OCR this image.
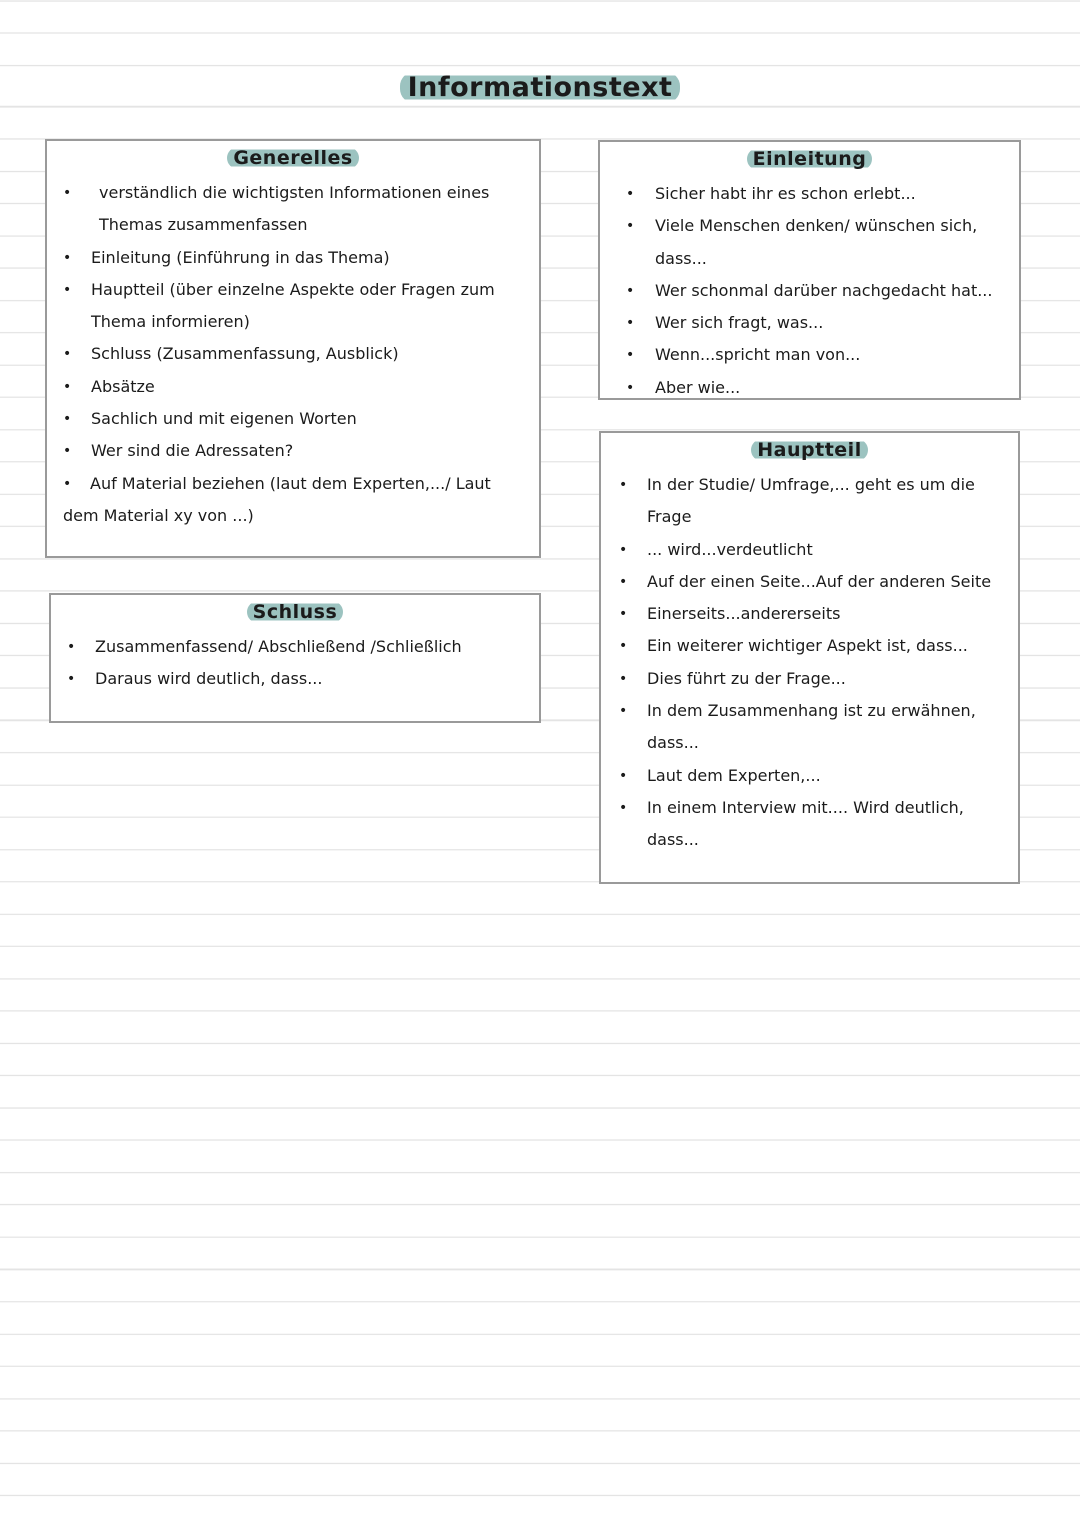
Informationstext
Generelles
• verständlich die wichtigsten Informationen eines Themas zusammenfassen
• Einleitung (Einführung in das Thema)
• Hauptteil (über einzelne Aspekte oder Fragen zum Thema informieren)
• Schluss (Zusammenfassung, Ausblick)
• Absätze
• Sachlich und mit eigenen Worten
• Wer sind die Adressaten?
• Auf Material beziehen (laut dem Experten,.../ Laut dem Material xy von ...)
Einleitung
• Sicher habt ihr es schon erlebt...
• Viele Menschen denken/ wünschen sich, dass...
• Wer schonmal darüber nachgedacht hat...
• Wer sich fragt, was...
• Wenn...spricht man von...
• Aber wie...
Schluss
• Zusammenfassend/ Abschließend /Schließlich
• Daraus wird deutlich, dass...
Hauptteil
• In der Studie/ Umfrage,... geht es um die Frage
• ... wird...verdeutlicht
• Auf der einen Seite...Auf der anderen Seite
• Einerseits...andererseits
• Ein weiterer wichtiger Aspekt ist, dass...
• Dies führt zu der Frage...
• In dem Zusammenhang ist zu erwähnen, dass...
• Laut dem Experten,...
• In einem Interview mit.... Wird deutlich, dass...
